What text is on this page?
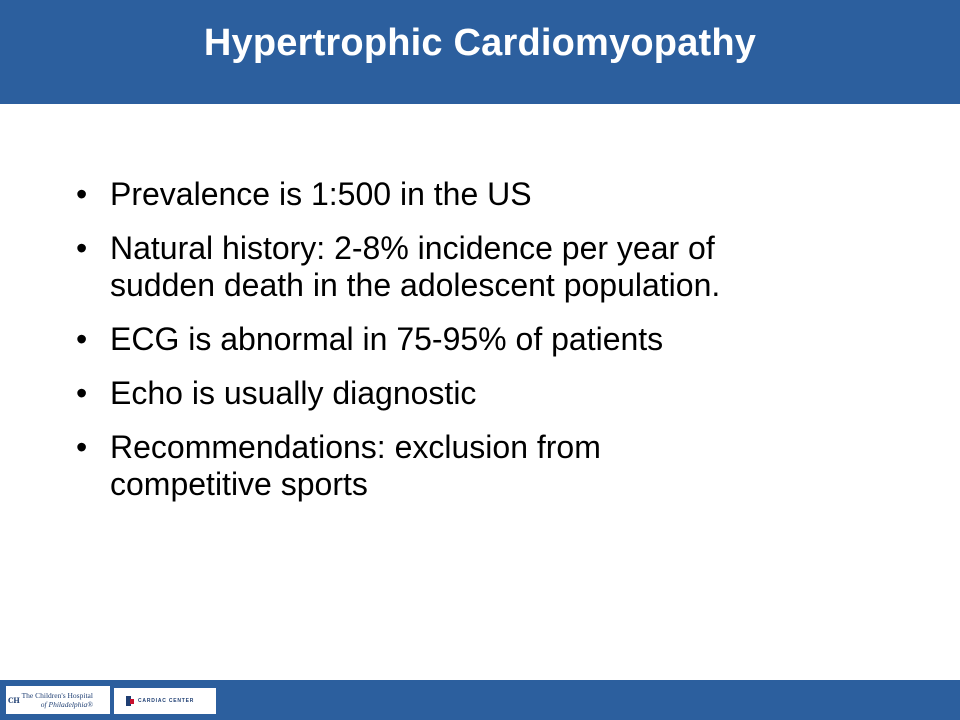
Hypertrophic Cardiomyopathy
• Prevalence is 1:500 in the US
• Natural history: 2-8% incidence per year of
sudden death in the adolescent population.
• ECG is abnormal in 75-95% of patients
• Echo is usually diagnostic
• Recommendations: exclusion from
competitive sports
CH The Children's Hospital
of Philadelphia®	CARDIAC CENTER
